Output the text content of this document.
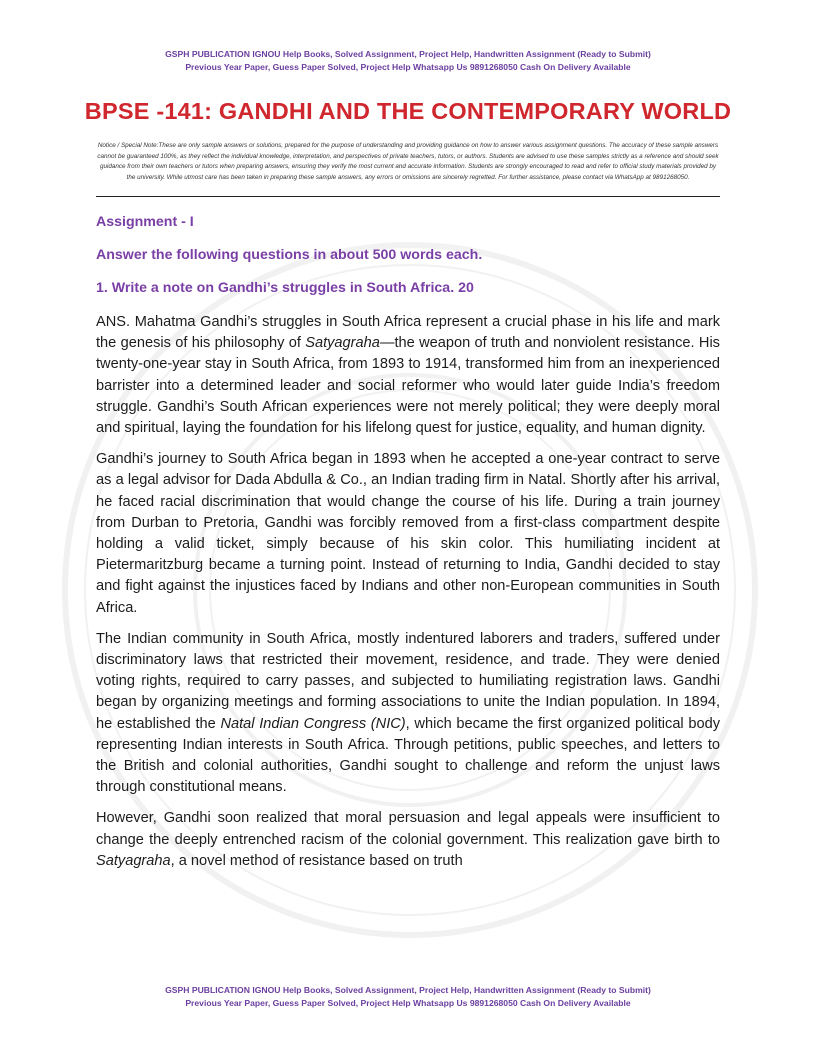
GSPH PUBLICATION IGNOU Help Books, Solved Assignment, Project Help, Handwritten Assignment (Ready to Submit)
Previous Year Paper, Guess Paper Solved, Project Help Whatsapp Us 9891268050 Cash On Delivery Available
BPSE -141: GANDHI AND THE CONTEMPORARY WORLD
Notice / Special Note:These are only sample answers or solutions, prepared for the purpose of understanding and providing guidance on how to answer various assignment questions. The accuracy of these sample answers cannot be guaranteed 100%, as they reflect the individual knowledge, interpretation, and perspectives of private teachers, tutors, or authors. Students are advised to use these samples strictly as a reference and should seek guidance from their own teachers or tutors when preparing answers, ensuring they verify the most current and accurate information. Students are strongly encouraged to read and refer to official study materials provided by the university. While utmost care has been taken in preparing these sample answers, any errors or omissions are sincerely regretted. For further assistance, please contact via WhatsApp at 9891268050.
Assignment - I
Answer the following questions in about 500 words each.
1. Write a note on Gandhi’s struggles in South Africa. 20

ANS. Mahatma Gandhi’s struggles in South Africa represent a crucial phase in his life and mark the genesis of his philosophy of Satyagraha—the weapon of truth and nonviolent resistance. His twenty-one-year stay in South Africa, from 1893 to 1914, transformed him from an inexperienced barrister into a determined leader and social reformer who would later guide India’s freedom struggle. Gandhi’s South African experiences were not merely political; they were deeply moral and spiritual, laying the foundation for his lifelong quest for justice, equality, and human dignity.

Gandhi’s journey to South Africa began in 1893 when he accepted a one-year contract to serve as a legal advisor for Dada Abdulla & Co., an Indian trading firm in Natal. Shortly after his arrival, he faced racial discrimination that would change the course of his life. During a train journey from Durban to Pretoria, Gandhi was forcibly removed from a first-class compartment despite holding a valid ticket, simply because of his skin color. This humiliating incident at Pietermaritzburg became a turning point. Instead of returning to India, Gandhi decided to stay and fight against the injustices faced by Indians and other non-European communities in South Africa.

The Indian community in South Africa, mostly indentured laborers and traders, suffered under discriminatory laws that restricted their movement, residence, and trade. They were denied voting rights, required to carry passes, and subjected to humiliating registration laws. Gandhi began by organizing meetings and forming associations to unite the Indian population. In 1894, he established the Natal Indian Congress (NIC), which became the first organized political body representing Indian interests in South Africa. Through petitions, public speeches, and letters to the British and colonial authorities, Gandhi sought to challenge and reform the unjust laws through constitutional means.

However, Gandhi soon realized that moral persuasion and legal appeals were insufficient to change the deeply entrenched racism of the colonial government. This realization gave birth to Satyagraha, a novel method of resistance based on truth

GSPH PUBLICATION IGNOU Help Books, Solved Assignment, Project Help, Handwritten Assignment (Ready to Submit)
Previous Year Paper, Guess Paper Solved, Project Help Whatsapp Us 9891268050 Cash On Delivery Available
